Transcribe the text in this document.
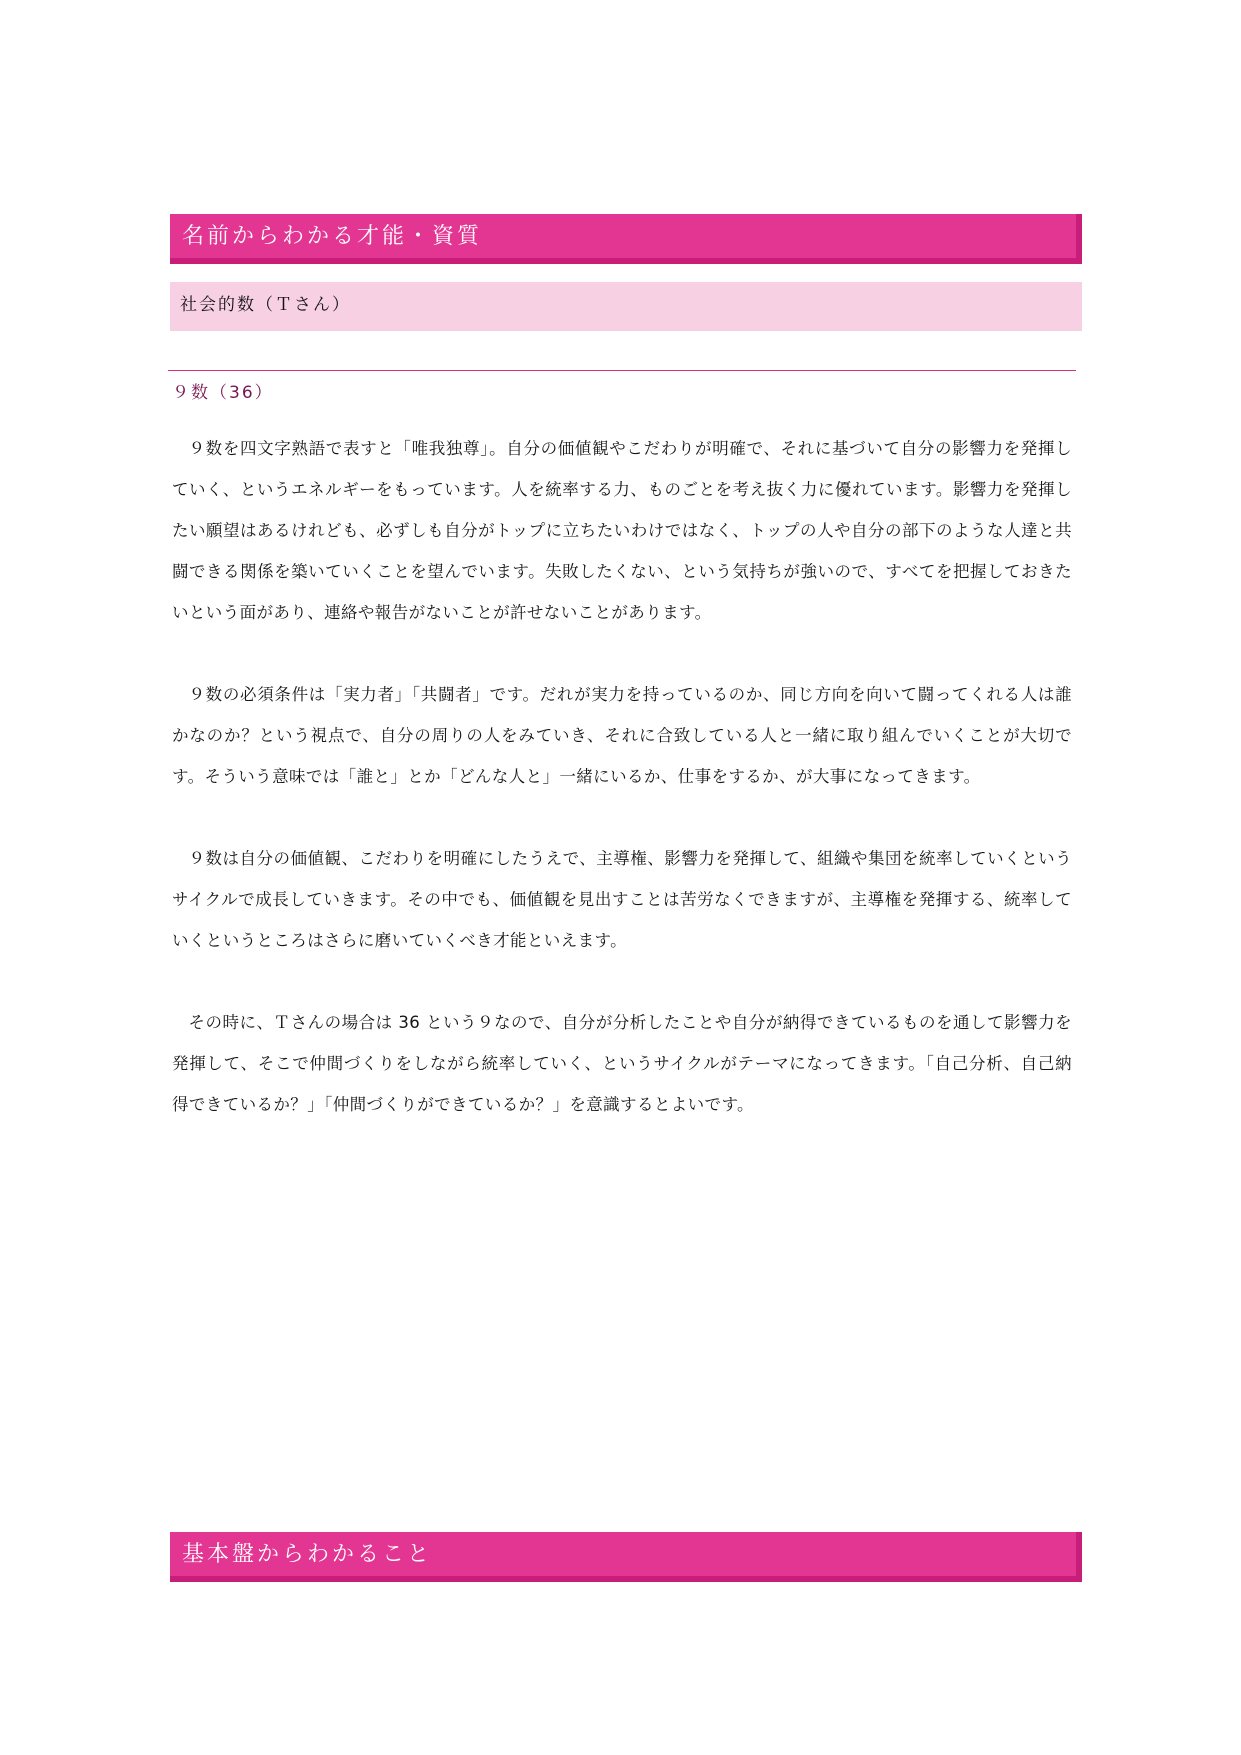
名前からわかる才能・資質
社会的数（Ｔさん）
９数（36）

９数を四文字熟語で表すと「唯我独尊」。自分の価値観やこだわりが明確で、それに基づいて自分の影響力を発揮していく、というエネルギーをもっています。人を統率する力、ものごとを考え抜く力に優れています。影響力を発揮したい願望はあるけれども、必ずしも自分がトップに立ちたいわけではなく、トップの人や自分の部下のような人達と共闘できる関係を築いていくことを望んでいます。失敗したくない、という気持ちが強いので、すべてを把握しておきたいという面があり、連絡や報告がないことが許せないことがあります。

９数の必須条件は「実力者」「共闘者」です。だれが実力を持っているのか、同じ方向を向いて闘ってくれる人は誰かなのか？という視点で、自分の周りの人をみていき、それに合致している人と一緒に取り組んでいくことが大切です。そういう意味では「誰と」とか「どんな人と」一緒にいるか、仕事をするか、が大事になってきます。

９数は自分の価値観、こだわりを明確にしたうえで、主導権、影響力を発揮して、組織や集団を統率していくというサイクルで成長していきます。その中でも、価値観を見出すことは苦労なくできますが、主導権を発揮する、統率していくというところはさらに磨いていくべき才能といえます。

その時に、Ｔさんの場合は 36 という９なので、自分が分析したことや自分が納得できているものを通して影響力を発揮して、そこで仲間づくりをしながら統率していく、というサイクルがテーマになってきます。「自己分析、自己納得できているか？」「仲間づくりができているか？」を意識するとよいです。

基本盤からわかること
